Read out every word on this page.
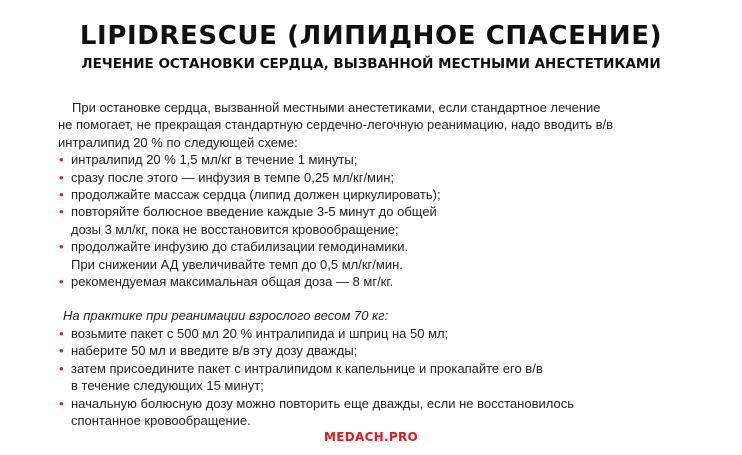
LIPIDRESCUE (ЛИПИДНОЕ СПАСЕНИЕ)
ЛЕЧЕНИЕ ОСТАНОВКИ СЕРДЦА, ВЫЗВАННОЙ МЕСТНЫМИ АНЕСТЕТИКАМИ

При остановке сердца, вызванной местными анестетиками, если стандартное лечение
не помогает, не прекращая стандартную сердечно-легочную реанимацию, надо вводить в/в
интралипид 20 % по следующей схеме:

• интралипид 20 % 1,5 мл/кг в течение 1 минуты;
• сразу после этого — инфузия в темпе 0,25 мл/кг/мин;
• продолжайте массаж сердца (липид должен циркулировать);
• повторяйте болюсное введение каждые 3-5 минут до общей
дозы 3 мл/кг, пока не восстановится кровообращение;
• продолжайте инфузию до стабилизации гемодинамики.
При снижении АД увеличивайте темп до 0,5 мл/кг/мин.
• рекомендуемая максимальная общая доза — 8 мг/кг.

На практике при реанимации взрослого весом 70 кг:

• возьмите пакет с 500 мл 20 % интралипида и шприц на 50 мл;
• наберите 50 мл и введите в/в эту дозу дважды;
• затем присоедините пакет с интралипидом к капельнице и прокапайте его в/в
в течение следующих 15 минут;
• начальную болюсную дозу можно повторить еще дважды, если не восстановилось
спонтанное кровообращение.
MEDACH.PRO
